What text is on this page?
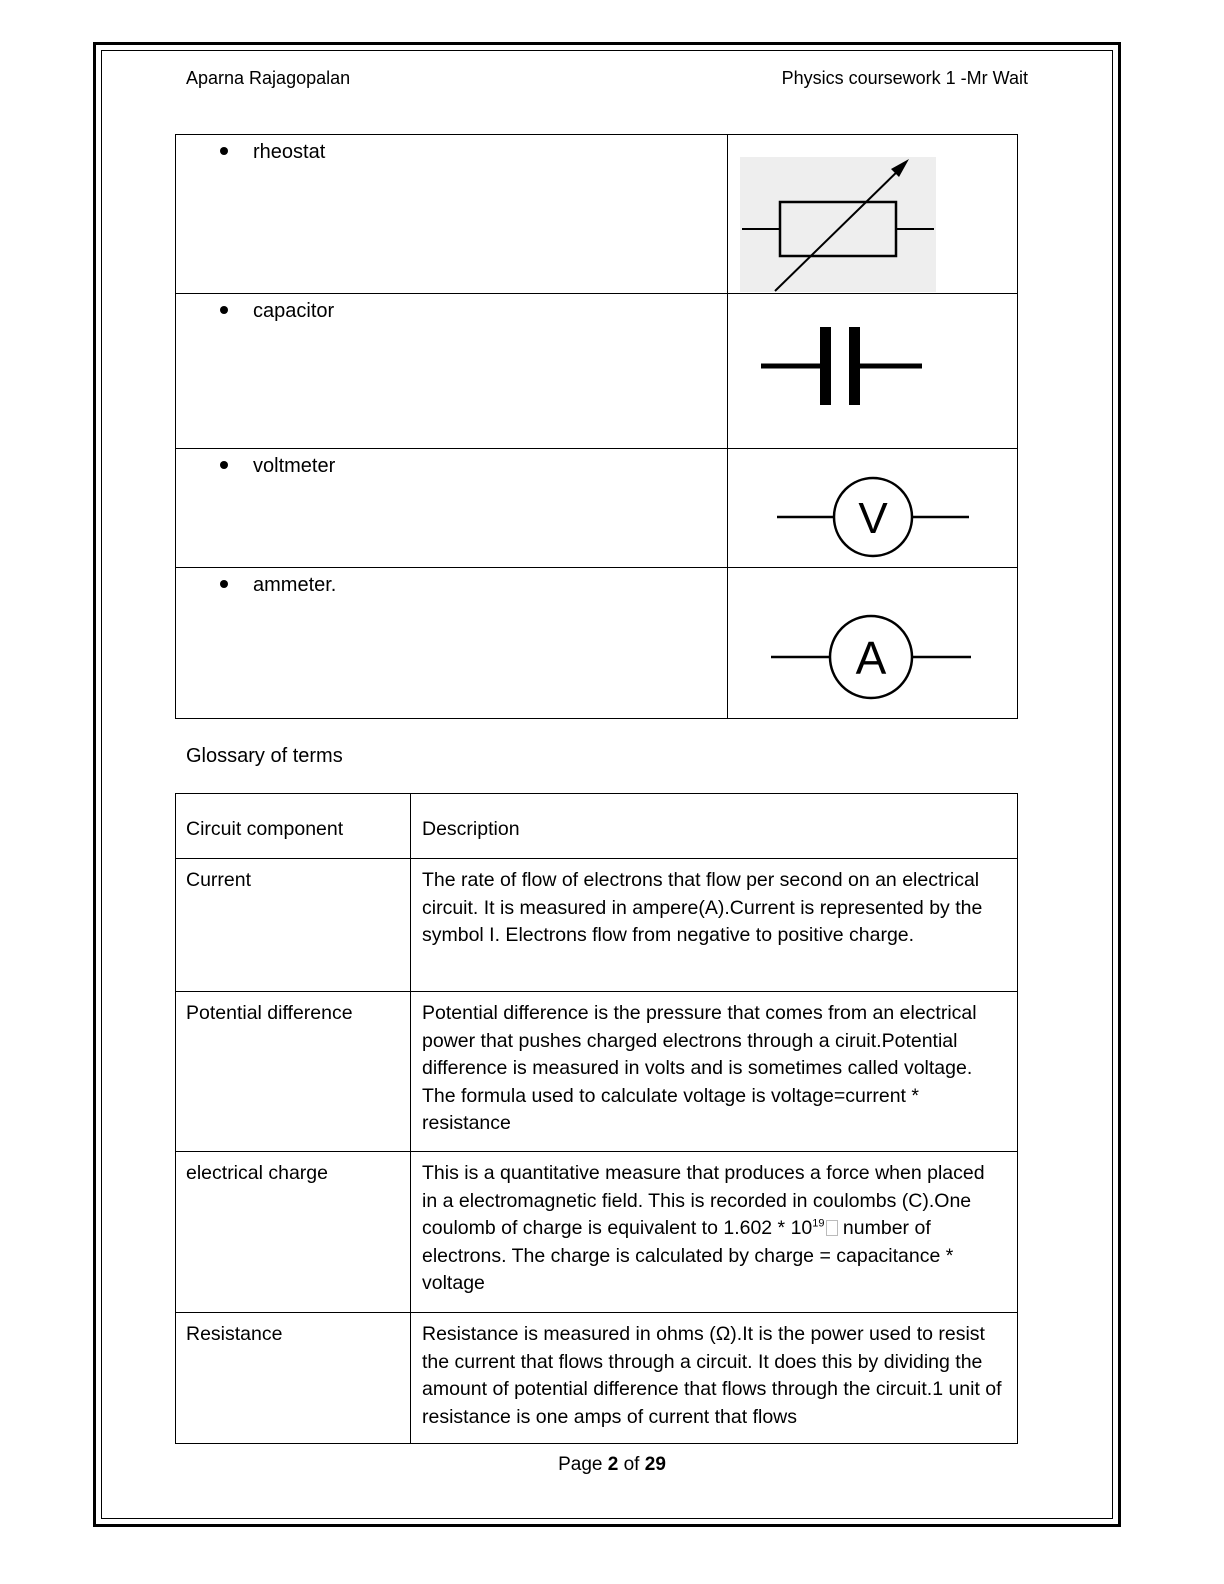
Aparna Rajagopalan	Physics coursework 1 -Mr Wait
rheostat

capacitor

voltmeter	V

ammeter.	A
Glossary of terms
Circuit component	Description
Current	The rate of flow of electrons that flow per second on an electrical circuit. It is measured in ampere(A).Current is represented by the symbol I. Electrons flow from negative to positive charge.
Potential difference	Potential difference is the pressure that comes from an electrical power that pushes charged electrons through a ciruit.Potential difference is measured in volts and is sometimes called voltage. The formula used to calculate voltage is voltage=current * resistance
electrical charge	This is a quantitative measure that produces a force when placed in a electromagnetic field. This is recorded in coulombs (C).One coulomb of charge is equivalent to $1.602 * 10^{19}$ number of electrons. The charge is calculated by charge = capacitance * voltage
Resistance	Resistance is measured in ohms (Ω).It is the power used to resist the current that flows through a circuit. It does this by dividing the amount of potential difference that flows through the circuit.1 unit of resistance is one amps of current that flows
Page 2 of 29
